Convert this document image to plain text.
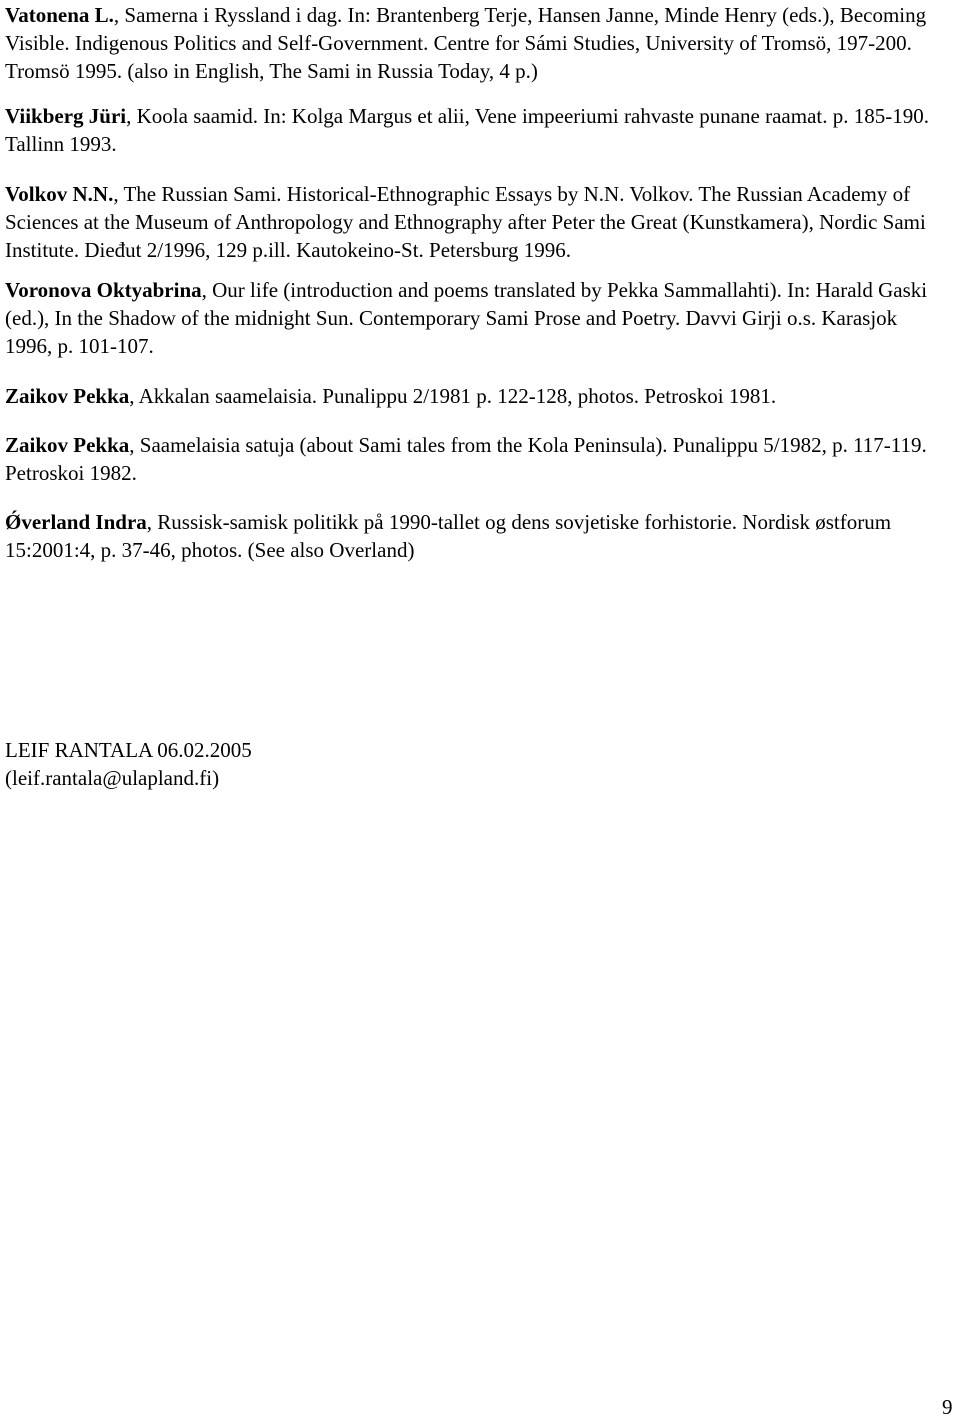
Vatonena L., Samerna i Ryssland i dag. In: Brantenberg Terje, Hansen Janne, Minde Henry (eds.), Becoming Visible. Indigenous Politics and Self-Government. Centre for Sámi Studies, University of Tromsö, 197-200. Tromsö 1995. (also in English, The Sami in Russia Today, 4 p.)

Viikberg Jüri, Koola saamid. In: Kolga Margus et alii, Vene impeeriumi rahvaste punane raamat. p. 185-190. Tallinn 1993.

Volkov N.N., The Russian Sami. Historical-Ethnographic Essays by N.N. Volkov. The Russian Academy of Sciences at the Museum of Anthropology and Ethnography after Peter the Great (Kunstkamera), Nordic Sami Institute. Dieđut 2/1996, 129 p.ill. Kautokeino-St. Petersburg 1996.

Voronova Oktyabrina, Our life (introduction and poems translated by Pekka Sammallahti). In: Harald Gaski (ed.), In the Shadow of the midnight Sun. Contemporary Sami Prose and Poetry. Davvi Girji o.s. Karasjok 1996, p. 101-107.

Zaikov Pekka, Akkalan saamelaisia. Punalippu 2/1981 p. 122-128, photos. Petroskoi 1981.

Zaikov Pekka, Saamelaisia satuja (about Sami tales from the Kola Peninsula). Punalippu 5/1982, p. 117-119. Petroskoi 1982.

Ǿverland Indra, Russisk-samisk politikk på 1990-tallet og dens sovjetiske forhistorie. Nordisk østforum 15:2001:4, p. 37-46, photos. (See also Overland)

LEIF RANTALA 06.02.2005
(leif.rantala@ulapland.fi)
9
